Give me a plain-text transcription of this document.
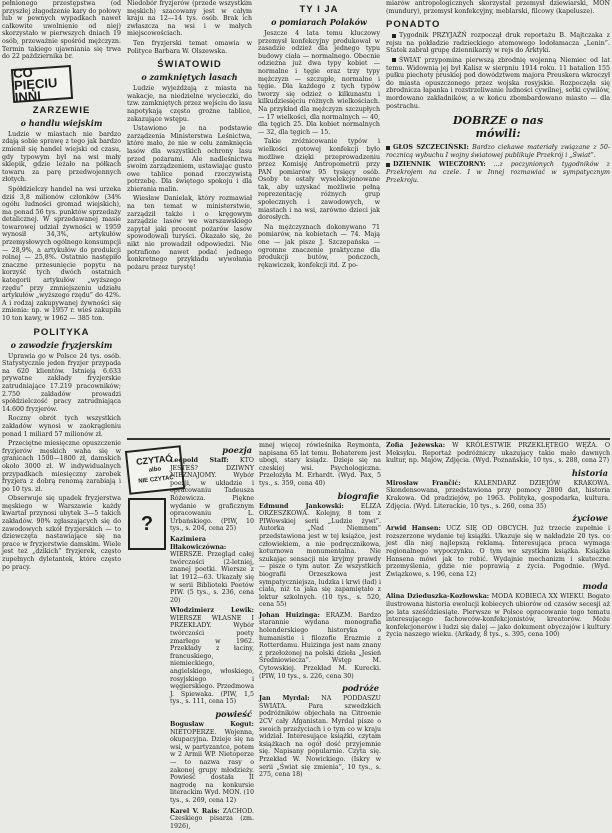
pełnionego przestępstwa (od przyszłej złagodzenie kary do połowy lub w pewnych wypadkach nawet całkowite uwolnienie od niej) skorzystało w pierwszych dniach 19 osób, przeważnie spośród mężczyzn. Termin takiego ujawniania się trwa do 22 października br.

CO PIĘCIU INNI
ZARZEWIE
o handlu wiejskim

Ludzie w miastach nie bardzo zdają sobie sprawę z tego jak bardzo zmienił się handel wiejski od czasu, gdy typowym był na wsi mały sklepik, gdzie leżało na półkach towaru za parę przedwojennych złotych.

Spółdzielczy handel na wsi urzeka dziś 3,8 milionów członków (34% ogółu ludności gromad wiejskich), ma ponad 56 tys. punktów sprzedaży detalicznej. W sprzedawanej masie towarowej udział żywności w 1959 wynosił 34,3%, artykułów przemysłowych ogólnego konsumpcji — 28,9%, a artykułów do produkcji rolnej — 25,8%. Ostatnio następiło znaczne przesunięcie popytu na korzyść tych dwóch ostatnich kategorii artykułów „wyższego rzędu” przy zmniejszeniu udziału artykułów „wyższego rzędu” do 42%. A i rodzaj zakupywanej żywności się zmienia: np. w 1957 r. wieś zakupiła 10 ton kawy, w 1962 — 385 ton.

POLITYKA
o zawodzie fryzjerskim

Uprawia go w Polsce 24 tys. osób. Statystycznie jeden fryzjer przypada na 620 klientów. Istnieją 6.633 prywatne zakłady fryzjerskie zatrudniające 17.219 pracowników; 2.750 zakładów prowadzi spółdzielczość pracy zatrudniająca 14.600 fryzjerów.

Roczny obrót tych wszystkich zakładów wynosi w zaokrągleniu ponad 1 miliard 57 milionów zł.

Przeciętne miesięczne opuszczenie fryzjerów męskich waha się w granicach 1500—1800 zł, damskich około 3000 zł. W indywidualnych przypadkach miesięczny zarobek fryzjera z dobrą renomą zarabiają i po 10 tys. zł.

Obserwuje się upadek fryzjerstwa męskiego w Warszawie każdy kwartał przynosi ubytek 3—5 takich zakładów. 90% zgłaszających się do zawodowych szkół fryzjerskich — to dziewczęta nastawiające się na prace w fryzjerstwie damskim. Wiele jest też „dzikich” fryzjerek, często zupełnych dyletantek, które często po pracy.

Niedobór fryzjerów (przede wszystkim męskich) szacowany jest w całym kraju na 12—14 tys. osób. Brak ich zwłaszcza na wsi i w małych miejscowościach.

Ten fryzjerski temat omawia w Polityce Barbara W. Olszewska.

ŚWIATOWID
o zamkniętych lasach

Ludzie wyjeżdżają z miasta na wakacje, na niedzielne wycieczki, do tzw. zamkniętych przez wejściu do lasu napotykają często groźne tablice, zakazujące wstępu.

Ustawiono je na podstawie zarządzenia Ministerstwa Leśnictwa, które mało, że nie w celu zamknięcia lasów dla wszystkich ochrony lasu przed pożarami. Ale nadleśnictwa swoim zarządzeniem, ustawiając gusto owe tablice ponad rzeczywistą potrzebę. Dla świętego spokoju i dla zbierania malin.

Wiesław Danielak, który rozmawiał na ten temat w ministerstwie, zarządził także i o kręgowym zarządzie lasów we warszawskiego zapytał jaki procent pożarów lasów spowodowali turyści. Okazało się, że nikt nie prowadził odpowiedzi. Nie potrafiono nawet podać jednego konkretnego przykładu wywołania pożaru przez turystę!

TY I JA
o pomiarach Polaków

Jeszcze 4 lata temu kluczowy przemysł konfekcyjny produkował w zasadzie odzież dla jednego typu budowy ciała — normalnego. Obecnie odzieżna już dwa typy kobiet — normalne i tęgie oraz trzy typy mężczyzn — szczupłe, normalne i tęgie. Dla każdego z tych typów tworzy się odzież o kilkunastu i kilkudziesięciu różnych wielkościach. Na przykład dla mężczyzn szczupłych — 17 wielkości, dla normalnych — 40, dla tęgich 25. Dla kobiet normalnych — 32, dla tęgich — 15.

Takie zróżnicowanie typów i wielkości gotowej konfekcji było możliwe dzięki przeprowadzeniu przez Komisję Antropometrii przy PAN pomiarów 95 tysięcy osób. Osoby te ostały wyselekcjonowane tak, aby uzyskać możliwie pełną reprezentację różnych grup społecznych i zawodowych, w miastach i na wsi, zarówno dzieci jak dorosłych.

Na mężczyznach dokonywano 71 pomiarów, na kobietach — 74. Mają one — jak pisze J. Szczepańska — ogromne znaczenie praktyczne dla produkcji butów, pończoch, rękawiczek, konfekcji itd. Z po-

miarów antropologicznych skorzystał przemysł dziewiarski, MON (mundury), przemysł konfekcyjny, meblarski, filcowy (kapelusze).

PONADTO

Tygodnik PRZYJAŹŃ rozpoczął druk reportażu B. Majtczaka z rejsu na pokładzie radzieckiego atomowego lodołamacza „Lenin”. Statek zabrał grupę dziennikarzy w rejs do Arktyki.

ŚWIAT przypomina pierwszą zbrodnię wojenną Niemiec od lat temu. Widownią jej był Kalisz w sierpniu 1914 roku. 11 batalion 155 pułku piechoty pruskiej pod dowództwem majora Preuskera wkroczył do miasta opuszczonego przez wojska rosyjskie. Rozpoczęła się zbrodnicza łapanka i rozstrzeliwanie ludności cywilnej, setki cywilów, mordowano zakładników, a w końcu zbombardowano miasto — dla postrachu.

DOBRZE o nas
mówili:

GŁOS SZCZECIŃSKI: Bardzo ciekawe materiały związane z 50-rocznicą wybuchu I wojny światowej publikuje Przekrój i „Świat”.

DZIENNIK WIECZORNY: ...z poczynionych tygodników z Przekrojem na czele. I w Innej rozmawiać w sympatycznym Przekroju.

CZYTAĆ
albo
NIE CZYTAĆ
?
poezja

Leopold Staff: KTO JESTEŚ? DZIWNY NIEZNAJOMY. Wybór poezji, w układzie i opracowaniu Tadeusza Różewicza. Piękne wydanie w graficznym opracowaniu L. Urbańskiego. (PIW, 10 tys., s. 204, cena 25)

Kazimiera Iłłakowiczówna: WIERSZE. Przegląd całej twórczości (2-letniej, znanej poetki. Wiersze z lat 1912—63. Ukazały się w serii Biblioteki Poetów PIW. (5 tys., s. 236, cena 20)

Włodzimierz Lewik: WIERSZE WŁASNE I PRZEKŁADY. Wybór twórczości poety zmarłego w 1962. Przekłady z łaciny, francuskiego, niemieckiego, angielskiego, włoskiego, rosyjskiego i węgierskiego. Przedmowa J. Spiewaka. (PIW, 1,5 tys., s. 111, cena 15)

powieść

Bogusław Kogut: NIETOPERZE. Wojenna, okupacyjna. Dzieje się na wsi, w partyzantce, potem w 2 Armii WP. Nietoperze — to nazwa rasy o zakonej grupy młodzieży. Powieść dostała II nagrodę na konkursie literackim Wyd. MON. (10 tys., s. 269, cena 12)

Karel V. Rais: ZACHOD. Czeskiego pisarza (zm. 1926),

mnej więcej rówieśnika Reymonta, napisana 65 lat temu. Bohaterem jest ubogi, stary ksiądz. Dzieje się na czeskiej wsi. Psychologiczna. Przełożyła M. Erhardt. (Wyd. Pax, 5 tys., s. 359, cena 40)

biografie

Edmund Jankowski:	ELIZA ORZESZKOWA. Kolejny, 8 tom z PIWowskiej serii „Ludzie żywi”. Autorka „Nad Niemnem” przedstawiona jest w tej książce, jest człowiekiem, a nie podręcznikowa, koturnowa monumentalna. Nie szukając sensacji nie kryjmy prawdy — pisze o tym autor. Ze wszystkich biografii Orzeszkowa jest sympatyczniejsza, ludzka i krwi (ład) i ciała, niż ta jaka się zapamiętało z lektur szkolnych. (10 tys., s. 520, cena 55)

Johan Huizinga: ERAZM. Bardzo starannie wydana monografia holenderskiego historyka o humanistie i filozofie Erazmie z Rotterdamu. Huizinga jest nam znany z przełożonej na polski dzieła „Jesień Średniowiecza”. Wstęp M. Cytowskiej. Przekład M. Kurecki. (PIW, 10 tys., s. 226, cena 30)

podróże

Jan Myrdal: NA PODDASZU ŚWIATA. Para szwedzkich podróżników objechała na Citroenie 2CV cały Afganistan. Myrdal pisze o swoich przeżyciach i o tym co w kraju widział. Interesujące książki, czytam książkach na ogół dość przyjemnie się. Napisany popularnie. Czyta się. Przekład W. Nowickiego. (Iskry w serii „Świat się zmienia”, 10 tys., s. 275, cena 18)

Zofia Jeżewska: W KRÓLESTWIE PRZEKLĘTEGO WĘŻA. O Meksyku. Reportaż podróżniczy ukazujący takie mało dawnych kultur, np. Majów, Zdjęcia. (Wyd. Poznańskie, 10 tys., s. 288, cena 27)

historia

Mirosław Frančić: KALENDARZ DZIEJÓW KRAKOWA. Skondensowana, przedstawiona przy pomocy 2800 dat, historia Krakowa. Od pradziejów, po 1963. Polityka, gospodarka, kultura. Zdjęcia. (Wyd. Literackie, 10 tys., s. 260, cena 35)

życiowe

Arwid Hansen: UCZ SIĘ OD OBCYCH. Już trzecie zupełnie i rozszerzone wydanie tej książki. Ukazuje się w nakładzie 20 tys. co jest dla niej najlepszą reklamą. Interesująca praca wymaga regionalnego wypoczynku. O tym we szystkim książka. Książka Hansena mówi jak to robić. Wydajnie mechanizm i skuteczne przemyślenia, gdzie nie poprawią z życia. Pogodnie. (Wyd. Związkowe, s. 196, cena 12)

moda

Alina Dzieduszka-Kozłowska: MODA KOBIECA XX WIEKU. Bogato ilustrowana historia ewolucji kobiecych ubiorów od czasów secesji aż po lata sześćdziesiąte. Pierwsze w Polsce opracowanie tego tematu interesującego fachowców-konfekcjonistów, kreatorów. Może konfekcjonerów i ludzi się dalej — jako dokument obyczajów i kultury życia naszego wieku. (Arkady, 8 tys., s. 395, cena 100)
